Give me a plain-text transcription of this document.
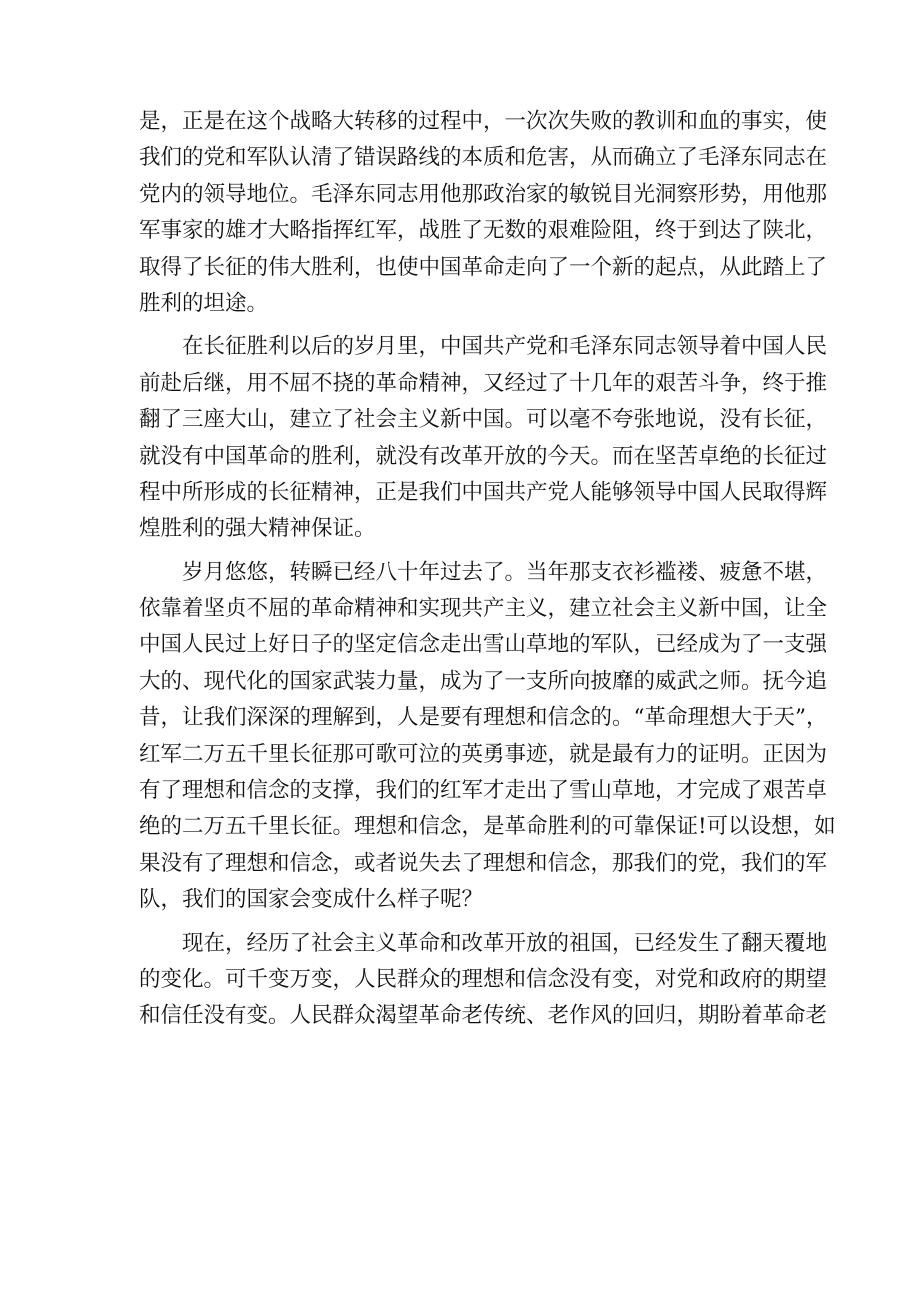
是，正是在这个战略大转移的过程中，一次次失败的教训和血的事实，使
我们的党和军队认清了错误路线的本质和危害，从而确立了毛泽东同志在
党内的领导地位。毛泽东同志用他那政治家的敏锐目光洞察形势，用他那
军事家的雄才大略指挥红军，战胜了无数的艰难险阻，终于到达了陕北，
取得了长征的伟大胜利，也使中国革命走向了一个新的起点，从此踏上了
胜利的坦途。
在长征胜利以后的岁月里，中国共产党和毛泽东同志领导着中国人民
前赴后继，用不屈不挠的革命精神，又经过了十几年的艰苦斗争，终于推
翻了三座大山，建立了社会主义新中国。可以毫不夸张地说，没有长征，
就没有中国革命的胜利，就没有改革开放的今天。而在坚苦卓绝的长征过
程中所形成的长征精神，正是我们中国共产党人能够领导中国人民取得辉
煌胜利的强大精神保证。
岁月悠悠，转瞬已经八十年过去了。当年那支衣衫褴褛、疲惫不堪，
依靠着坚贞不屈的革命精神和实现共产主义，建立社会主义新中国，让全
中国人民过上好日子的坚定信念走出雪山草地的军队，已经成为了一支强
大的、现代化的国家武装力量，成为了一支所向披靡的威武之师。抚今追
昔，让我们深深的理解到，人是要有理想和信念的。“革命理想大于天”，
红军二万五千里长征那可歌可泣的英勇事迹，就是最有力的证明。正因为
有了理想和信念的支撑，我们的红军才走出了雪山草地，才完成了艰苦卓
绝的二万五千里长征。理想和信念，是革命胜利的可靠保证!可以设想，如
果没有了理想和信念，或者说失去了理想和信念，那我们的党，我们的军
队，我们的国家会变成什么样子呢？
现在，经历了社会主义革命和改革开放的祖国，已经发生了翻天覆地
的变化。可千变万变，人民群众的理想和信念没有变，对党和政府的期望
和信任没有变。人民群众渴望革命老传统、老作风的回归，期盼着革命老
